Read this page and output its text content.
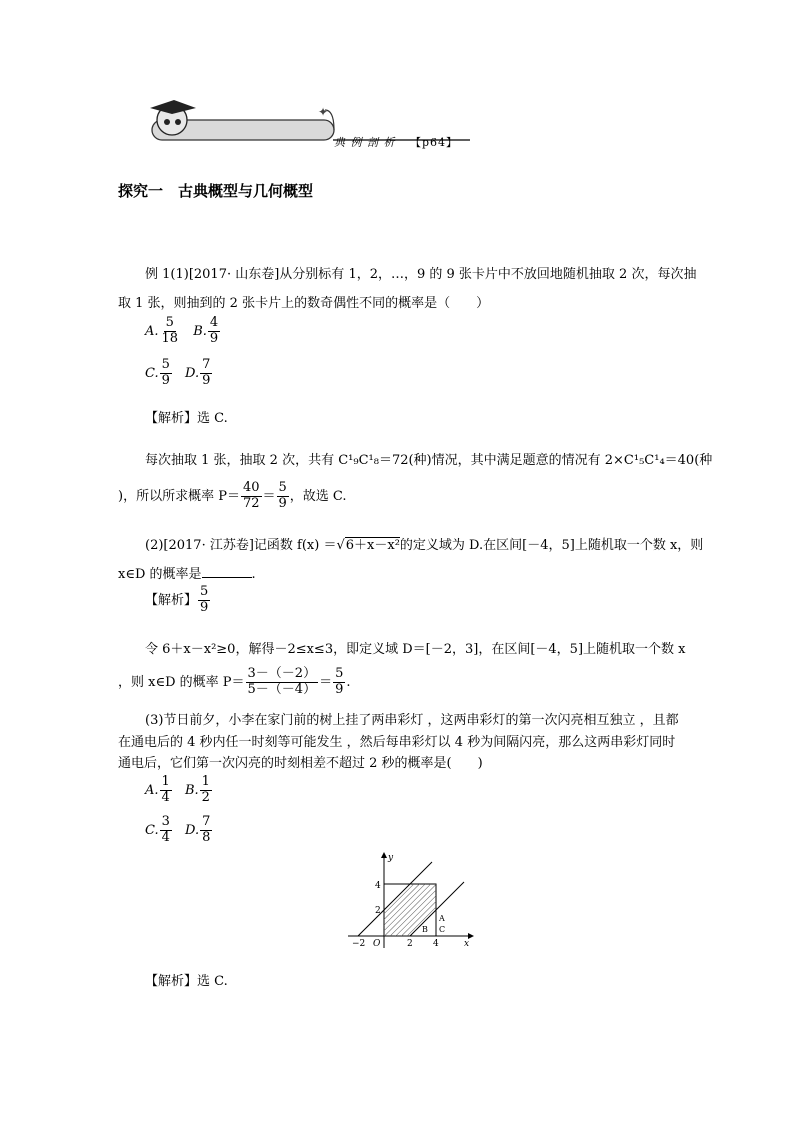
✦
典 例 剖 析 【p64】
探究一　古典概型与几何概型
例 1(1)[2017· 山东卷]从分别标有 1，2，…，9 的 9 张卡片中不放回地随机抽取 2 次，每次抽
取 1 张，则抽到的 2 张卡片上的数奇偶性不同的概率是（　　）
A. $\frac{5}{18} B$. $\frac{4}{9}$
C. $\frac{5}{9} D$. $\frac{7}{9}$
【解析】选 C.
每次抽取 1 张，抽取 2 次，共有 C¹₉C¹₈＝72(种)情况，其中满足题意的情况有 2×C¹₅C¹₄＝40(种
)，所以所求概率 $P= \frac{40}{72} = \frac{5}{9}$ ，故选 C.
(2)[2017· 江苏卷]记函数 f(x) ＝√6＋x－x²的定义域为 D.在区间[－4，5]上随机取一个数 x，则
x∈D 的概率是	.
【解析】 $\frac{5}{9}$
令 6＋x－x²≥0，解得－2≤x≤3，即定义域 D＝[－2，3]，在区间[－4，5]上随机取一个数 x
，则 x∈D 的概率 $P= \frac{3-(-2)}{5-(-4)} = \frac{5}{9}$ .
(3)节日前夕，小李在家门前的树上挂了两串彩灯 ，这两串彩灯的第一次闪亮相互独立 ，且都
在通电后的 4 秒内任一时刻等可能发生 ，然后每串彩灯以 4 秒为间隔闪亮，那么这两串彩灯同时
通电后，它们第一次闪亮的时刻相差不超过 2 秒的概率是(　　)
A. $\frac{1}{4} B$. $\frac{1}{2}$
C. $\frac{3}{4} D$. $\frac{7}{8}$
x
y
O
−2	2 4
2
4
A
B C
【解析】选 C.
